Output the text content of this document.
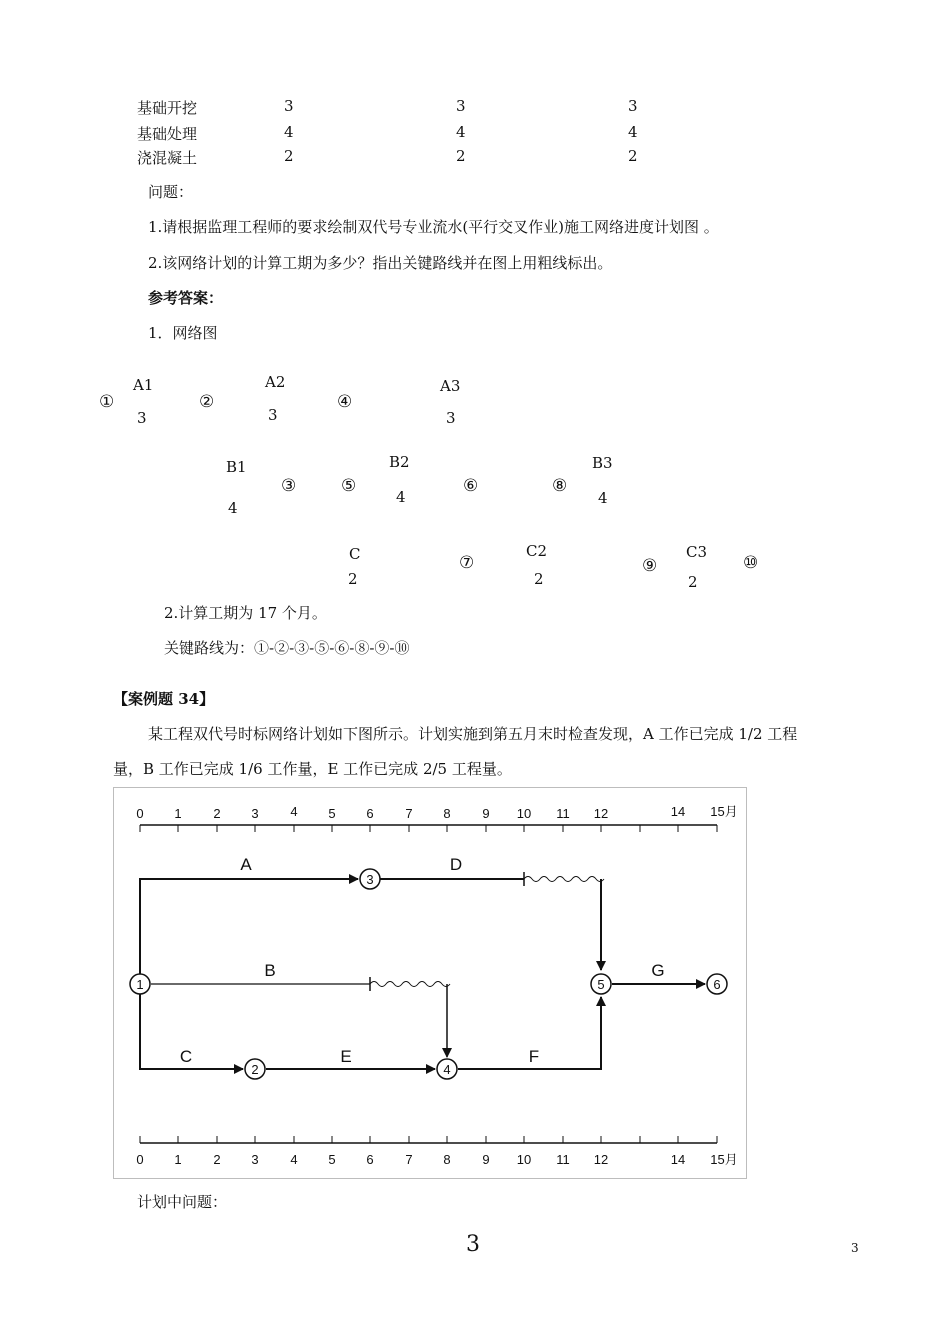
基础开挖	3	3	3
基础处理	4	4	4
浇混凝土	2	2	2
问题：
1.请根据监理工程师的要求绘制双代号专业流水(平行交叉作业)施工网络进度计划图 。
2.该网络计划的计算工期为多少？指出关键路线并在图上用粗线标出。
参考答案：
1．网络图
①	②	④
③	⑤	⑥	⑧
⑦	⑨	⑩
A1
3
A2
3
A3
3
B1
4
B2
4
B3
4
C
2
C2
2
C3
2
2.计算工期为 17 个月。
关键路线为：①-②-③-⑤-⑥-⑧-⑨-⑩
【案例题 34】
某工程双代号时标网络计划如下图所示。计划实施到第五月末时检查发现，A 工作已完成 1/2 工程
量，B 工作已完成 1/6 工作量，E 工作已完成 2/5 工程量。
0 1 2 3 4 5 6 7 8 9 10 11 12	14 15月
0 1 2 3 4 5 6 7 8 9 10 11 12	14 15月
A
B
C
D
E	F
G
1
2
3
4
5	6
计划中问题：
3	3
